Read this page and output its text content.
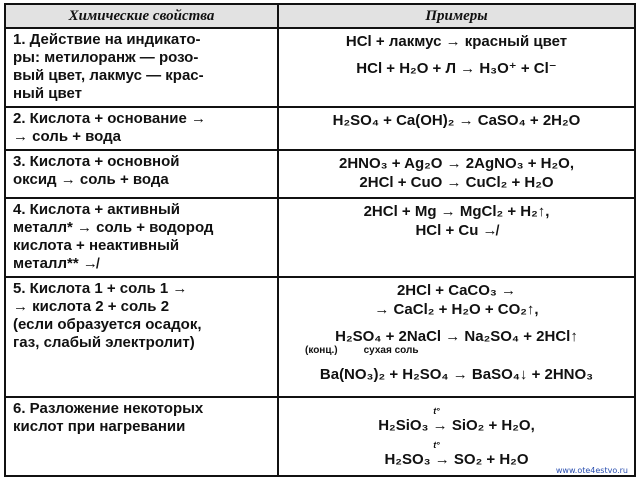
Химические свойства	Примеры

1. Действие на индикато-
ры: метилоранж — розо-
вый цвет, лакмус — крас-
ный цвет	HCl + лакмус → красный цвет
HCl + H₂O + Л → H₃O⁺ + Cl⁻

2. Кислота + основание →
→ соль + вода	H₂SO₄ + Ca(OH)₂ → CaSO₄ + 2H₂O

3. Кислота + основной
оксид → соль + вода	2HNO₃ + Ag₂O → 2AgNO₃ + H₂O,
2HCl + CuO → CuCl₂ + H₂O

4. Кислота + активный
металл* → соль + водород
кислота + неактивный
металл** ↛	2HCl + Mg → MgCl₂ + H₂↑,
HCl + Cu ↛

5. Кислота 1 + соль 1 →
→ кислота 2 + соль 2
(если образуется осадок,
газ, слабый электролит)	2HCl + CaCO₃ →
→ CaCl₂ + H₂O + CO₂↑,
H₂SO₄ + 2NaCl → Na₂SO₄ + 2HCl↑
(конц.) сухая соль
Ba(NO₃)₂ + H₂SO₄ → BaSO₄↓ + 2HNO₃

6. Разложение некоторых
кислот при нагревании	t°
H₂SiO₃ → SiO₂ + H₂O,
t°
H₂SO₃ → SO₂ + H₂O
www.ote4estvo.ru
